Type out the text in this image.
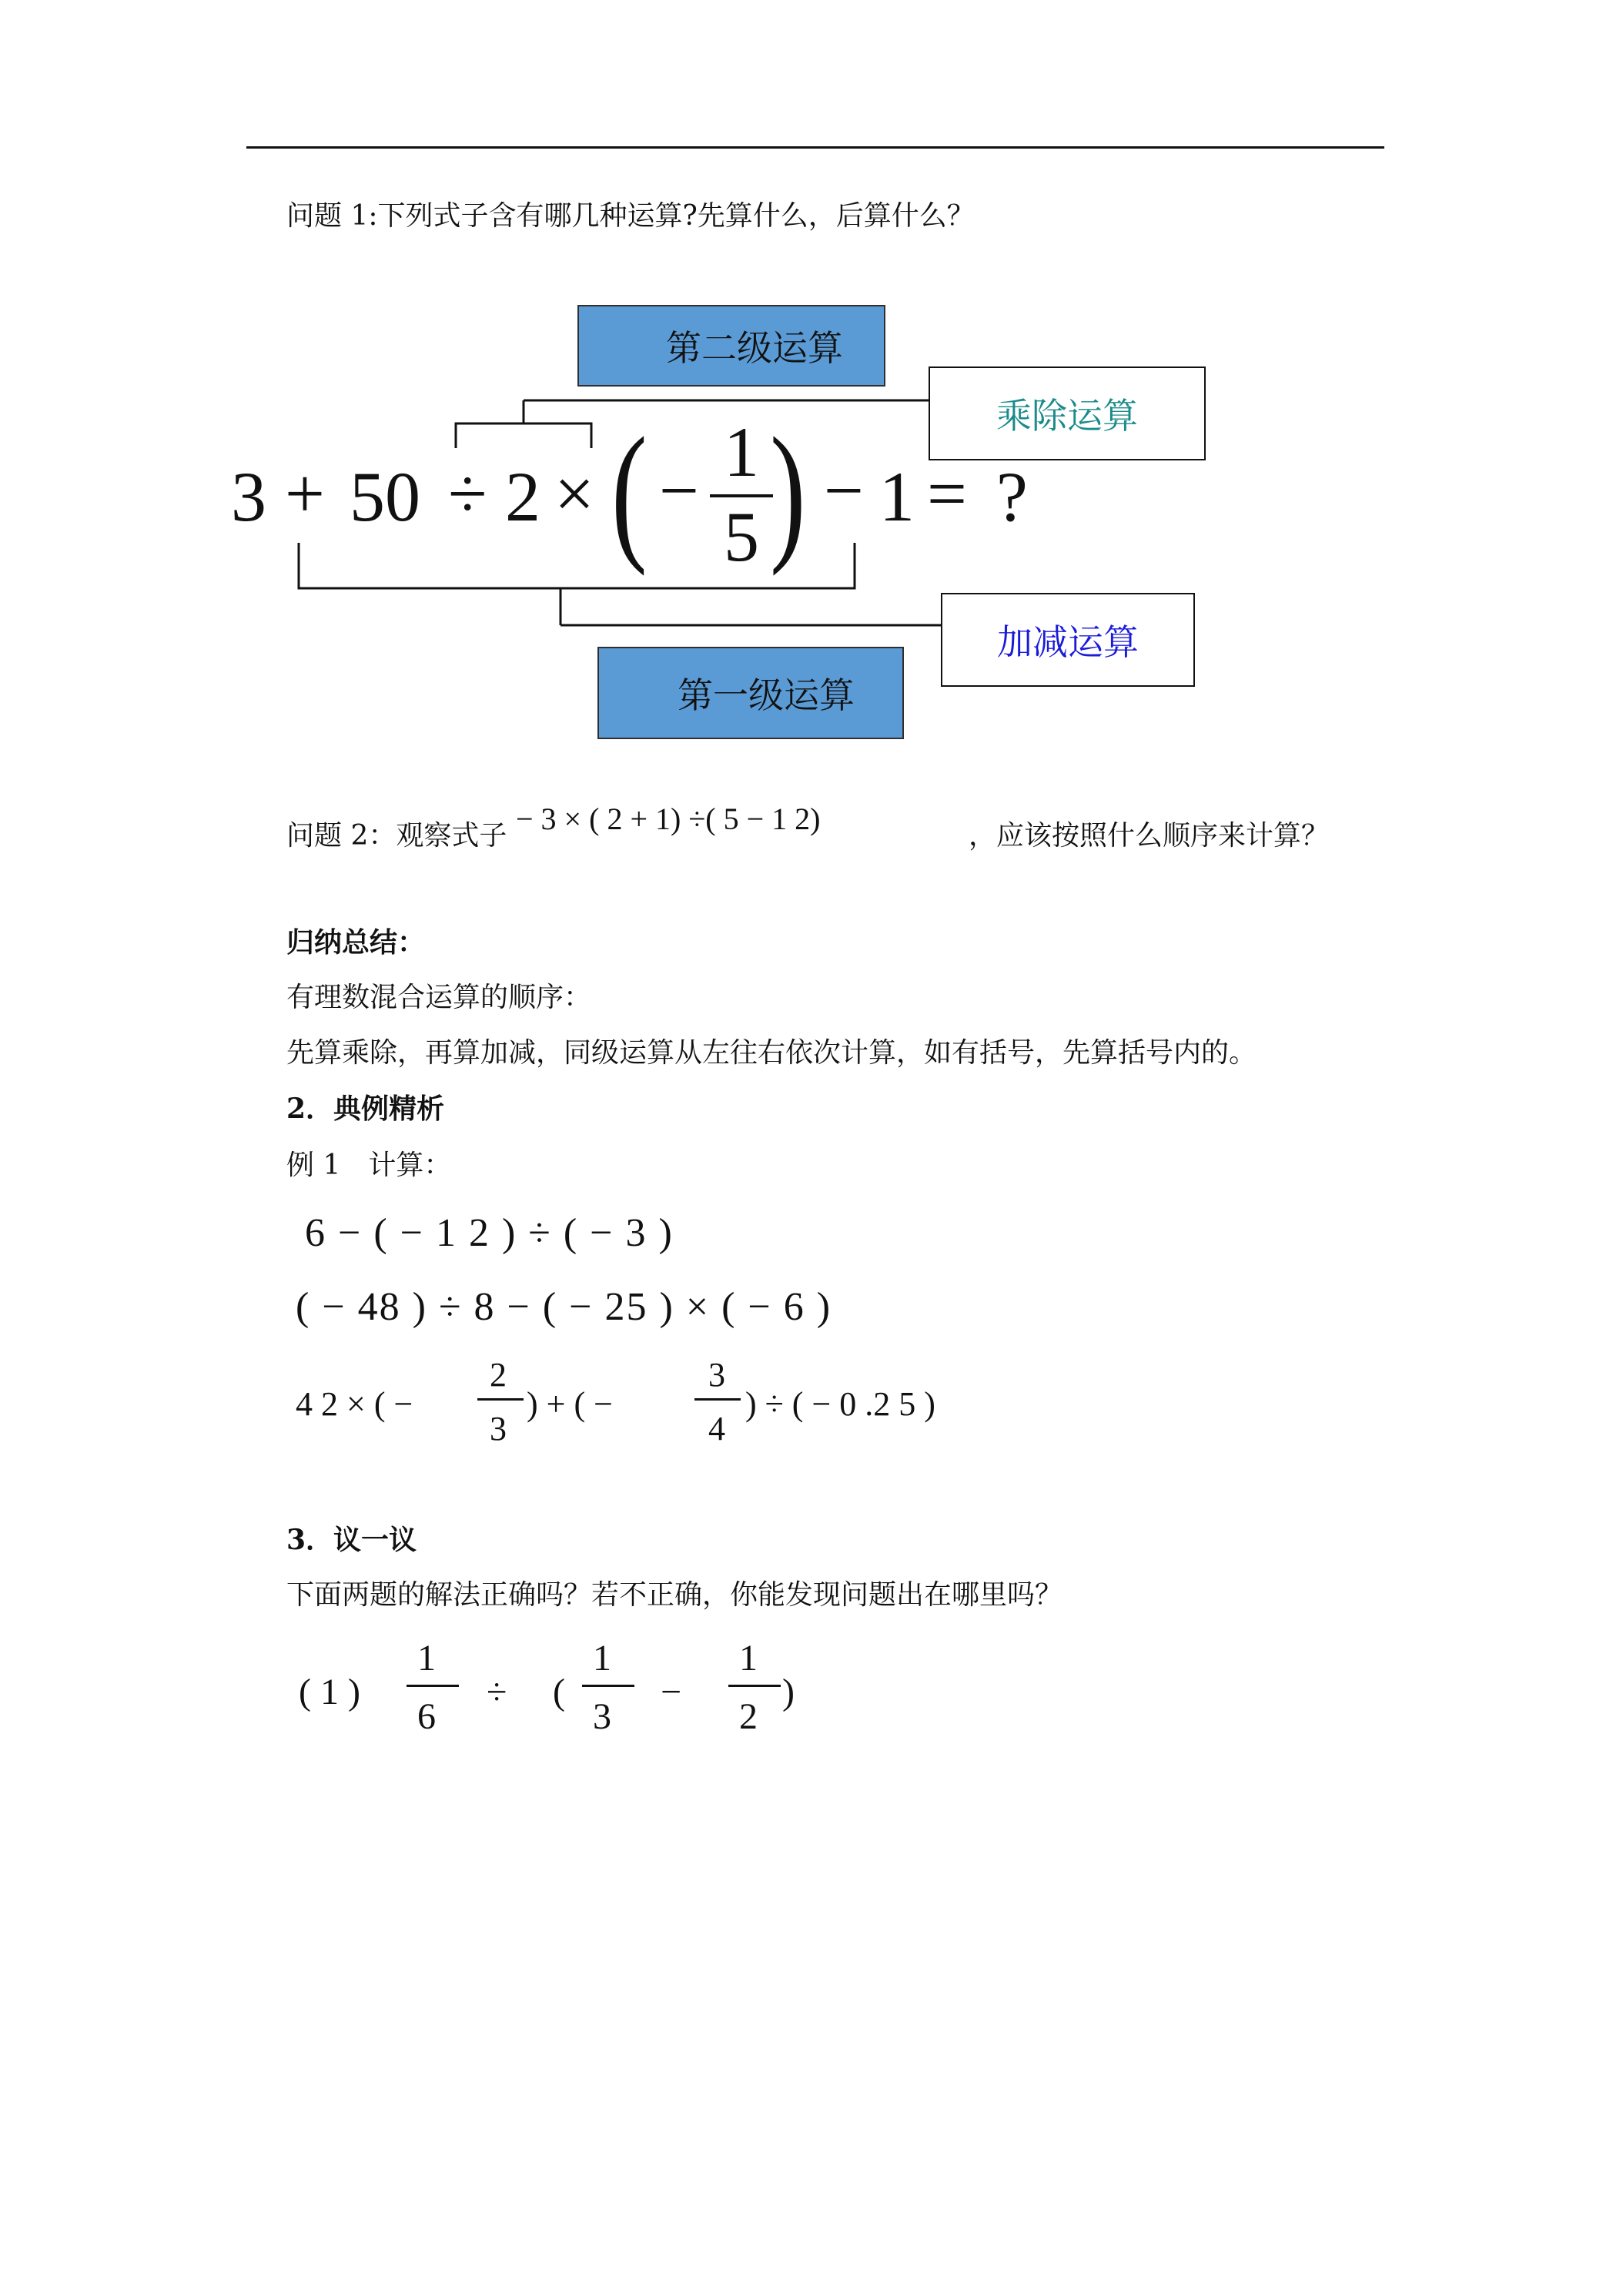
问题 1:下列式子含有哪几种运算?先算什么，后算什么？
第二级运算
乘除运算
加减运算
第一级运算
3 + 50 ÷ 2 × ( − 1
5 ) − 1 = ?
问题 2：观察式子 − 3 × ( 2 + 1) ÷( 5 − 1 2)	，应该按照什么顺序来计算？
归纳总结：
有理数混合运算的顺序：
先算乘除，再算加减，同级运算从左往右依次计算，如有括号，先算括号内的。
2．典例精析
例 1　计算：
6 − ( − 1 2 ) ÷ ( − 3 )
( − 48 ) ÷ 8 − ( − 25 ) × ( − 6 )
4 2 × ( −
2
3
) + ( −
3
4
) ÷ ( − 0 .2 5 )
3．议一议
下面两题的解法正确吗？若不正确，你能发现问题出在哪里吗？
( 1 )
1
6
÷ (
1
3
−
1
2
)
